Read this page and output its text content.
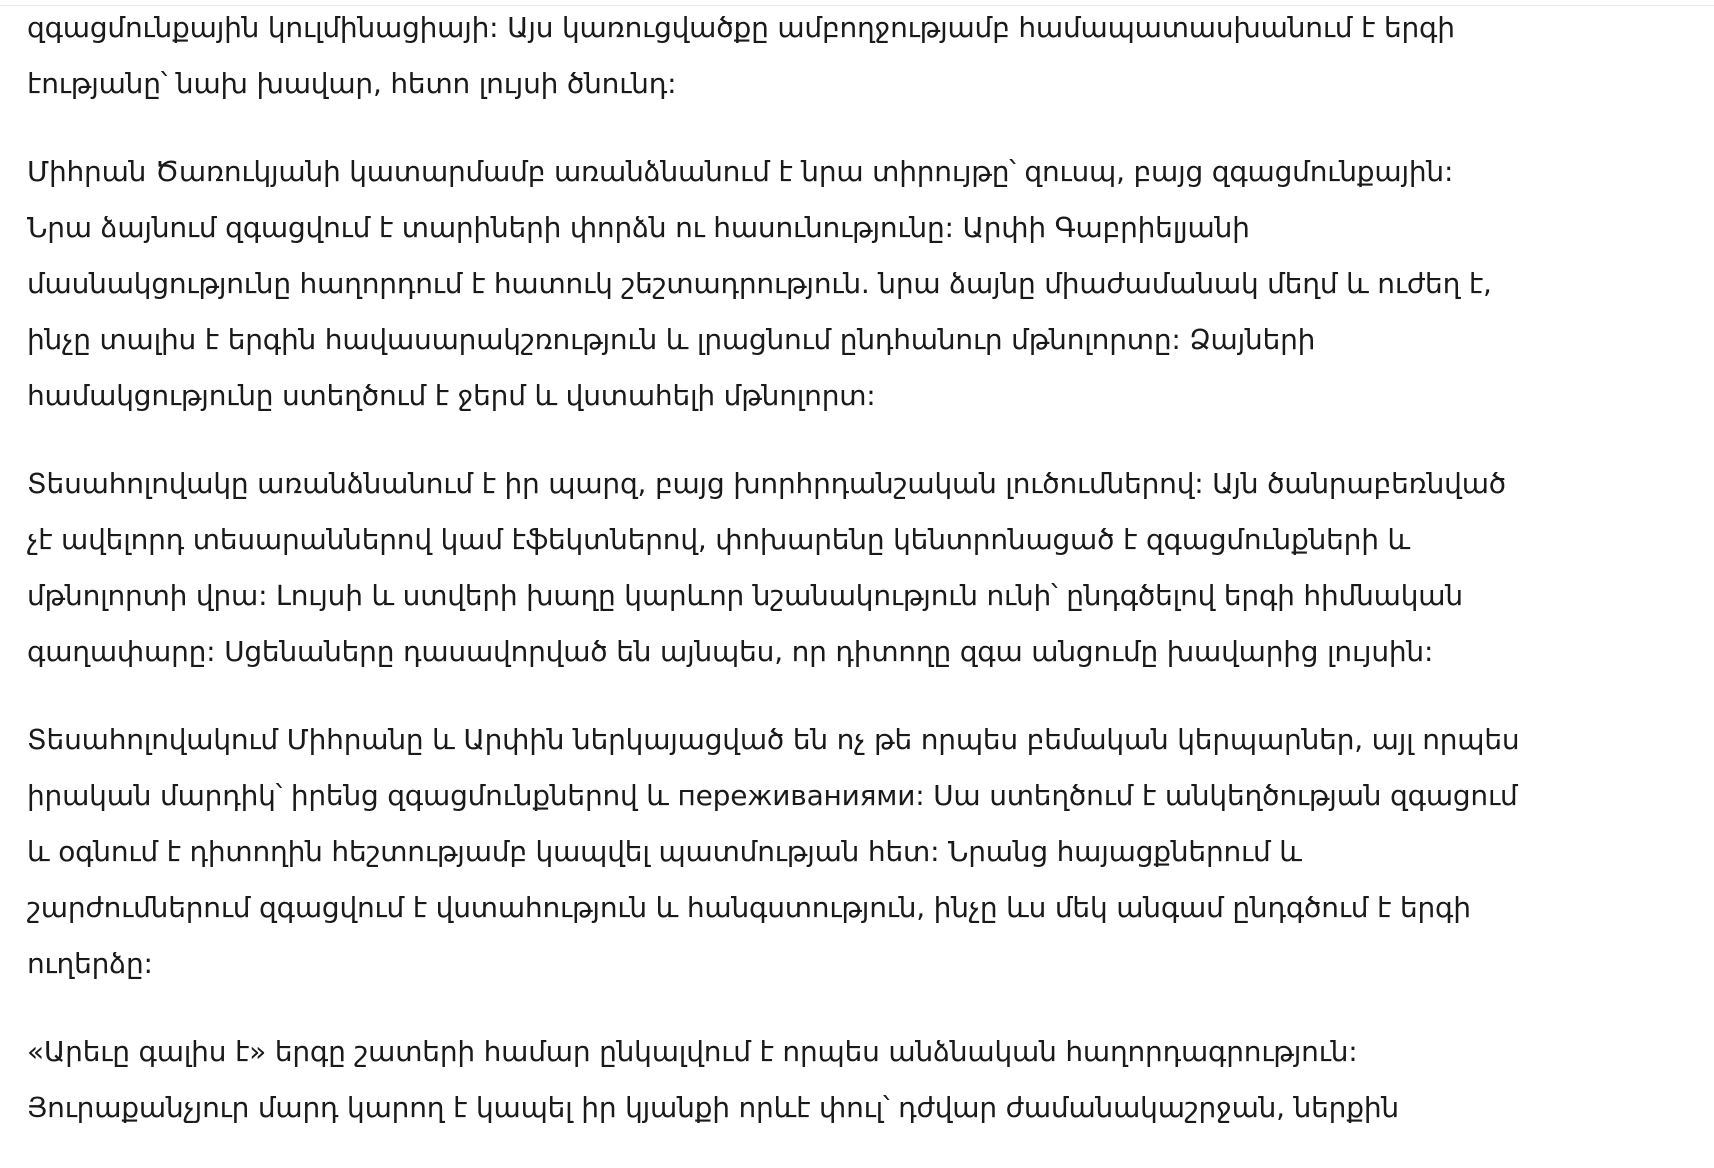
զգացմունքային կուլմինացիայի: Այս կառուցվածքը ամբողջությամբ համապատասխանում է երգի
էությանը՝ նախ խավար, հետո լույսի ծնունդ:

Միհրան Ծառուկյանի կատարմամբ առանձնանում է նրա տիրույթը՝ զուսպ, բայց զգացմունքային:
Նրա ձայնում զգացվում է տարիների փորձն ու հասունությունը: Արփի Գաբրիելյանի
մասնակցությունը հաղորդում է հատուկ շեշտադրություն. նրա ձայնը միաժամանակ մեղմ և ուժեղ է,
ինչը տալիս է երգին հավասարակշռություն և լրացնում ընդհանուր մթնոլորտը: Ձայների
համակցությունը ստեղծում է ջերմ և վստահելի մթնոլորտ:

Տեսահոլովակը առանձնանում է իր պարզ, բայց խորհրդանշական լուծումներով: Այն ծանրաբեռնված
չէ ավելորդ տեսարաններով կամ էֆեկտներով, փոխարենը կենտրոնացած է զգացմունքների և
մթնոլորտի վրա: Լույսի և ստվերի խաղը կարևոր նշանակություն ունի՝ ընդգծելով երգի հիմնական
գաղափարը: Սցենաները դասավորված են այնպես, որ դիտողը զգա անցումը խավարից լույսին:

Տեսահոլովակում Միհրանը և Արփին ներկայացված են ոչ թե որպես բեմական կերպարներ, այլ որպես
իրական մարդիկ՝ իրենց զգացմունքներով և переживаниями: Սա ստեղծում է անկեղծության զգացում
և օգնում է դիտողին հեշտությամբ կապվել պատմության հետ: Նրանց հայացքներում և
շարժումներում զգացվում է վստահություն և հանգստություն, ինչը ևս մեկ անգամ ընդգծում է երգի
ուղերձը:

«Արեւը գալիս է» երգը շատերի համար ընկալվում է որպես անձնական հաղորդագրություն:
Յուրաքանչյուր մարդ կարող է կապել իր կյանքի որևէ փուլ՝ դժվար ժամանակաշրջան, ներքին
